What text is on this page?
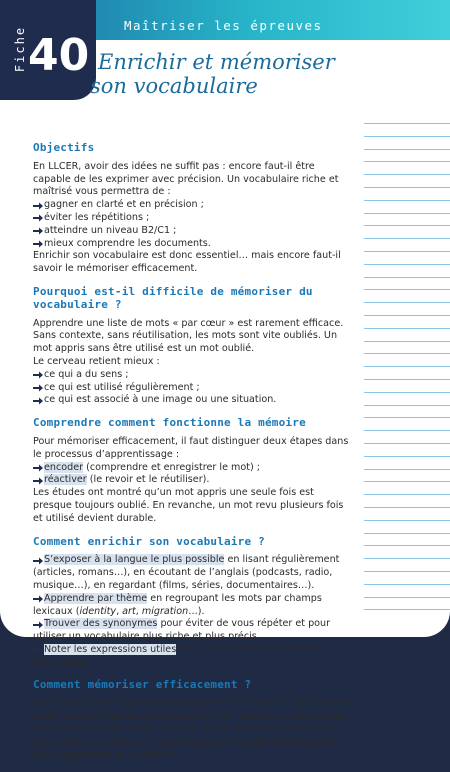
Maîtriser les épreuves
Fiche 40 Enrichir et mémoriser
son vocabulaire
Objectifs

En LLCER, avoir des idées ne suffit pas : encore faut-il être capable de les exprimer avec précision. Un vocabulaire riche et maîtrisé vous permettra de :

gagner en clarté et en précision ;
éviter les répétitions ;
atteindre un niveau B2/C1 ;
mieux comprendre les documents.

Enrichir son vocabulaire est donc essentiel… mais encore faut-il savoir le mémoriser efficacement.

Pourquoi est-il difficile de mémoriser du vocabulaire ?

Apprendre une liste de mots « par cœur » est rarement efficace. Sans contexte, sans réutilisation, les mots sont vite oubliés. Un mot appris sans être utilisé est un mot oublié.

Le cerveau retient mieux :

ce qui a du sens ;
ce qui est utilisé régulièrement ;
ce qui est associé à une image ou une situation.
Comprendre comment fonctionne la mémoire

Pour mémoriser efficacement, il faut distinguer deux étapes dans le processus d’apprentissage :

encoder (comprendre et enregistrer le mot) ;
réactiver (le revoir et le réutiliser).

Les études ont montré qu’un mot appris une seule fois est presque toujours oublié. En revanche, un mot revu plusieurs fois et utilisé devient durable.

Comment enrichir son vocabulaire ?

S’exposer à la langue le plus possible en lisant régulièrement (articles, romans…), en écoutant de l’anglais (podcasts, radio, musique…), en regardant (films, séries, documentaires…).

Apprendre par thème en regroupant les mots par champs lexicaux (identity, art, migration…).

Trouver des synonymes pour éviter de vous répéter et pour utiliser un vocabulaire plus riche et plus précis.

Noter les expressions utiles trouvées en classe ou dans les documents.

Comment mémoriser efficacement ?

Faire une liste de mots de vocabulaire et se contenter de la lire ne suffit pas à mémoriser correctement. Pour retenir du vocabulaire, il faut réactiver de manière active, il faut se tester, et utiliser les mots dans leur contexte. Il faut faire un effort de mémorisation afin d’apprendre et de retenir.
